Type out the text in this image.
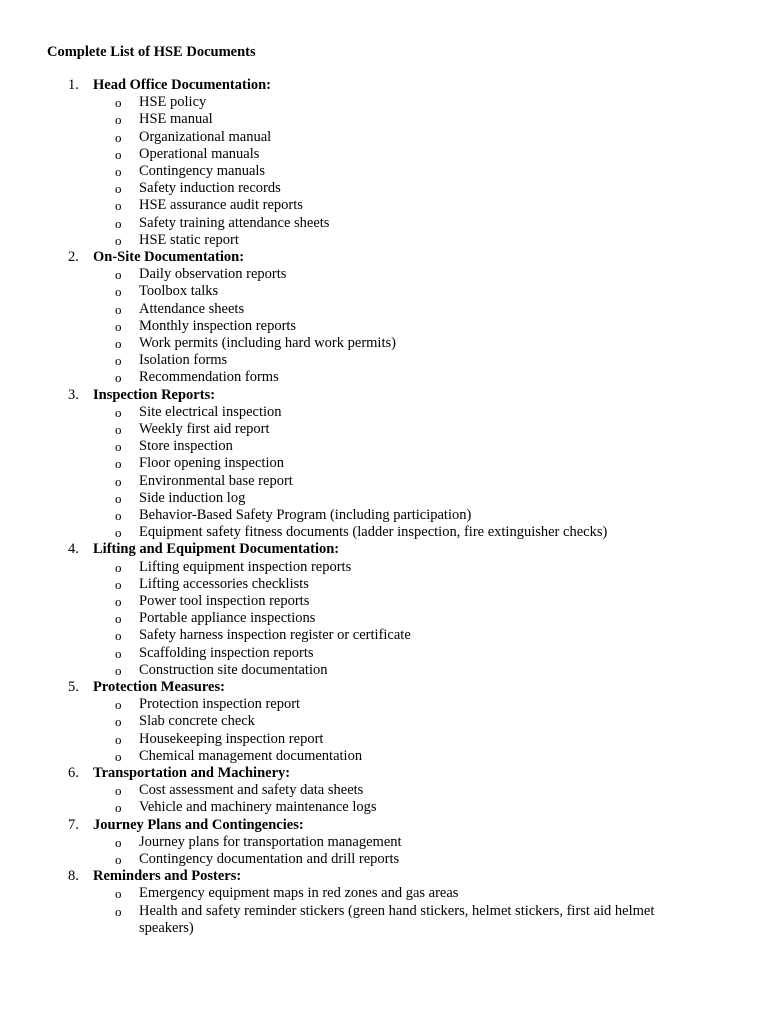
Complete List of HSE Documents
1. Head Office Documentation:
o HSE policy
o HSE manual
o Organizational manual
o Operational manuals
o Contingency manuals
o Safety induction records
o HSE assurance audit reports
o Safety training attendance sheets
o HSE static report
2. On-Site Documentation:
o Daily observation reports
o Toolbox talks
o Attendance sheets
o Monthly inspection reports
o Work permits (including hard work permits)
o Isolation forms
o Recommendation forms
3. Inspection Reports:
o Site electrical inspection
o Weekly first aid report
o Store inspection
o Floor opening inspection
o Environmental base report
o Side induction log
o Behavior-Based Safety Program (including participation)
o Equipment safety fitness documents (ladder inspection, fire extinguisher checks)
4. Lifting and Equipment Documentation:
o Lifting equipment inspection reports
o Lifting accessories checklists
o Power tool inspection reports
o Portable appliance inspections
o Safety harness inspection register or certificate
o Scaffolding inspection reports
o Construction site documentation
5. Protection Measures:
o Protection inspection report
o Slab concrete check
o Housekeeping inspection report
o Chemical management documentation
6. Transportation and Machinery:
o Cost assessment and safety data sheets
o Vehicle and machinery maintenance logs
7. Journey Plans and Contingencies:
o Journey plans for transportation management
o Contingency documentation and drill reports
8. Reminders and Posters:
o Emergency equipment maps in red zones and gas areas
o Health and safety reminder stickers (green hand stickers, helmet stickers, first aid helmet speakers)
